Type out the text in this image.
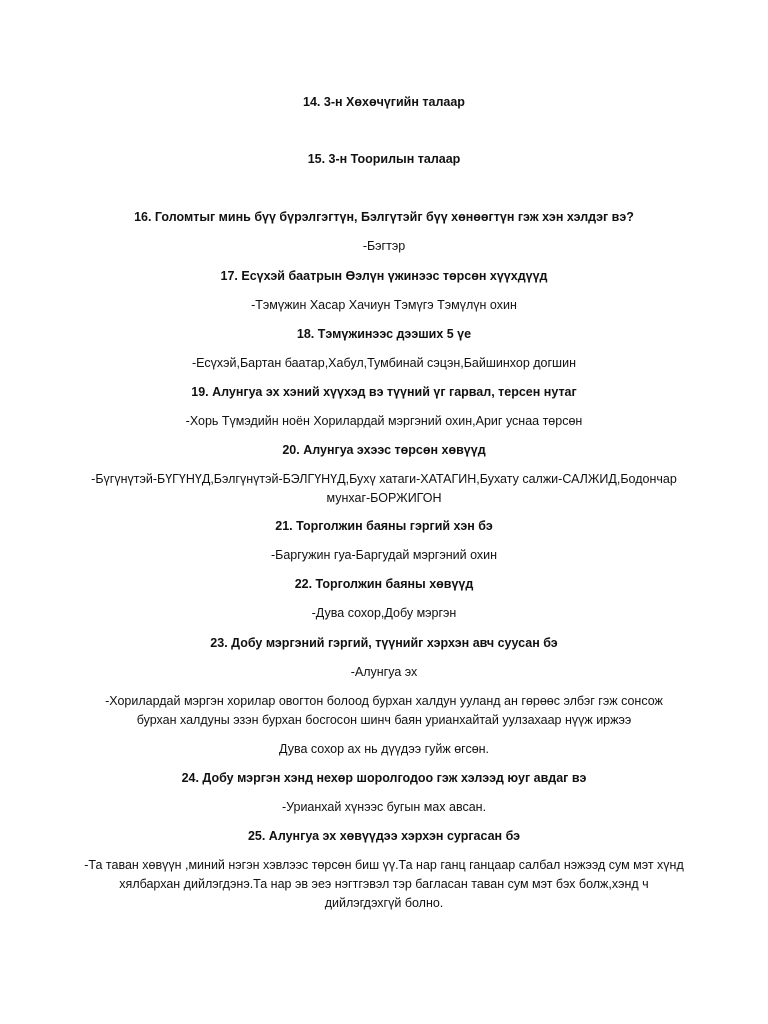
14. 3-н Хөхөчүгийн талаар
15. 3-н Тоорилын талаар
16. Голомтыг минь бүү бүрэлгэгтүн, Бэлгүтэйг бүү хөнөөгтүн гэж хэн хэлдэг вэ?
-Бэгтэр
17. Есүхэй баатрын Өэлүн үжинээс төрсөн хүүхдүүд
-Тэмүжин Хасар Хачиун Тэмүгэ Тэмүлүн охин
18. Тэмүжинээс дээших 5 үе
-Есүхэй,Бартан баатар,Хабул,Тумбинай сэцэн,Байшинхор догшин
19. Алунгуа эх хэний хүүхэд вэ түүний үг гарвал, тeрсен нутаг
-Хорь Түмэдийн ноён Хорилардай мэргэний охин,Ариг уснаа төрсөн
20. Алунгуа эхээс төрсөн хөвүүд
-Бүгүнүтэй-БҮГҮНҮД,Бэлгүнүтэй-БЭЛГҮНҮД,Бухү хатаги-ХАТАГИН,Бухату салжи-САЛЖИД,Бодончар мунхаг-БОРЖИГОН
21. Торголжин баяны гэргий хэн бэ
-Баргужин гуа-Баргудай мэргэний охин
22. Торголжин баяны хөвүүд
-Дува сохор,Добу мэргэн
23. Добу мэргэний гэргий, түүнийг хэрхэн авч суусан бэ
-Алунгуа эх
-Хорилардай мэргэн хорилар овогтон болоод бурхан халдун ууланд ан гөрөөс элбэг гэж сонсож бурхан халдуны эзэн бурхан босгосон шинч баян урианхайтай уулзахаар нүүж иржээ
Дува сохор ах нь дүүдээ гуйж өгсөн.
24. Добу мэргэн хэнд нехөр шоролгодоо гэж хэлээд юуг авдаг вэ
-Урианхай хүнээс бугын мах авсан.
25. Алунгуа эх хөвүүдээ хэрхэн сургасан бэ
-Та таван хөвүүн ,миний нэгэн хэвлээс төрсөн биш үү.Та нар ганц ганцаар салбал нэжээд сум мэт хүнд хялбархан дийлэгдэнэ.Та нар эв эеэ нэгтгэвэл тэр багласан таван сум мэт бэх болж,хэнд ч дийлэгдэхгүй болно.
